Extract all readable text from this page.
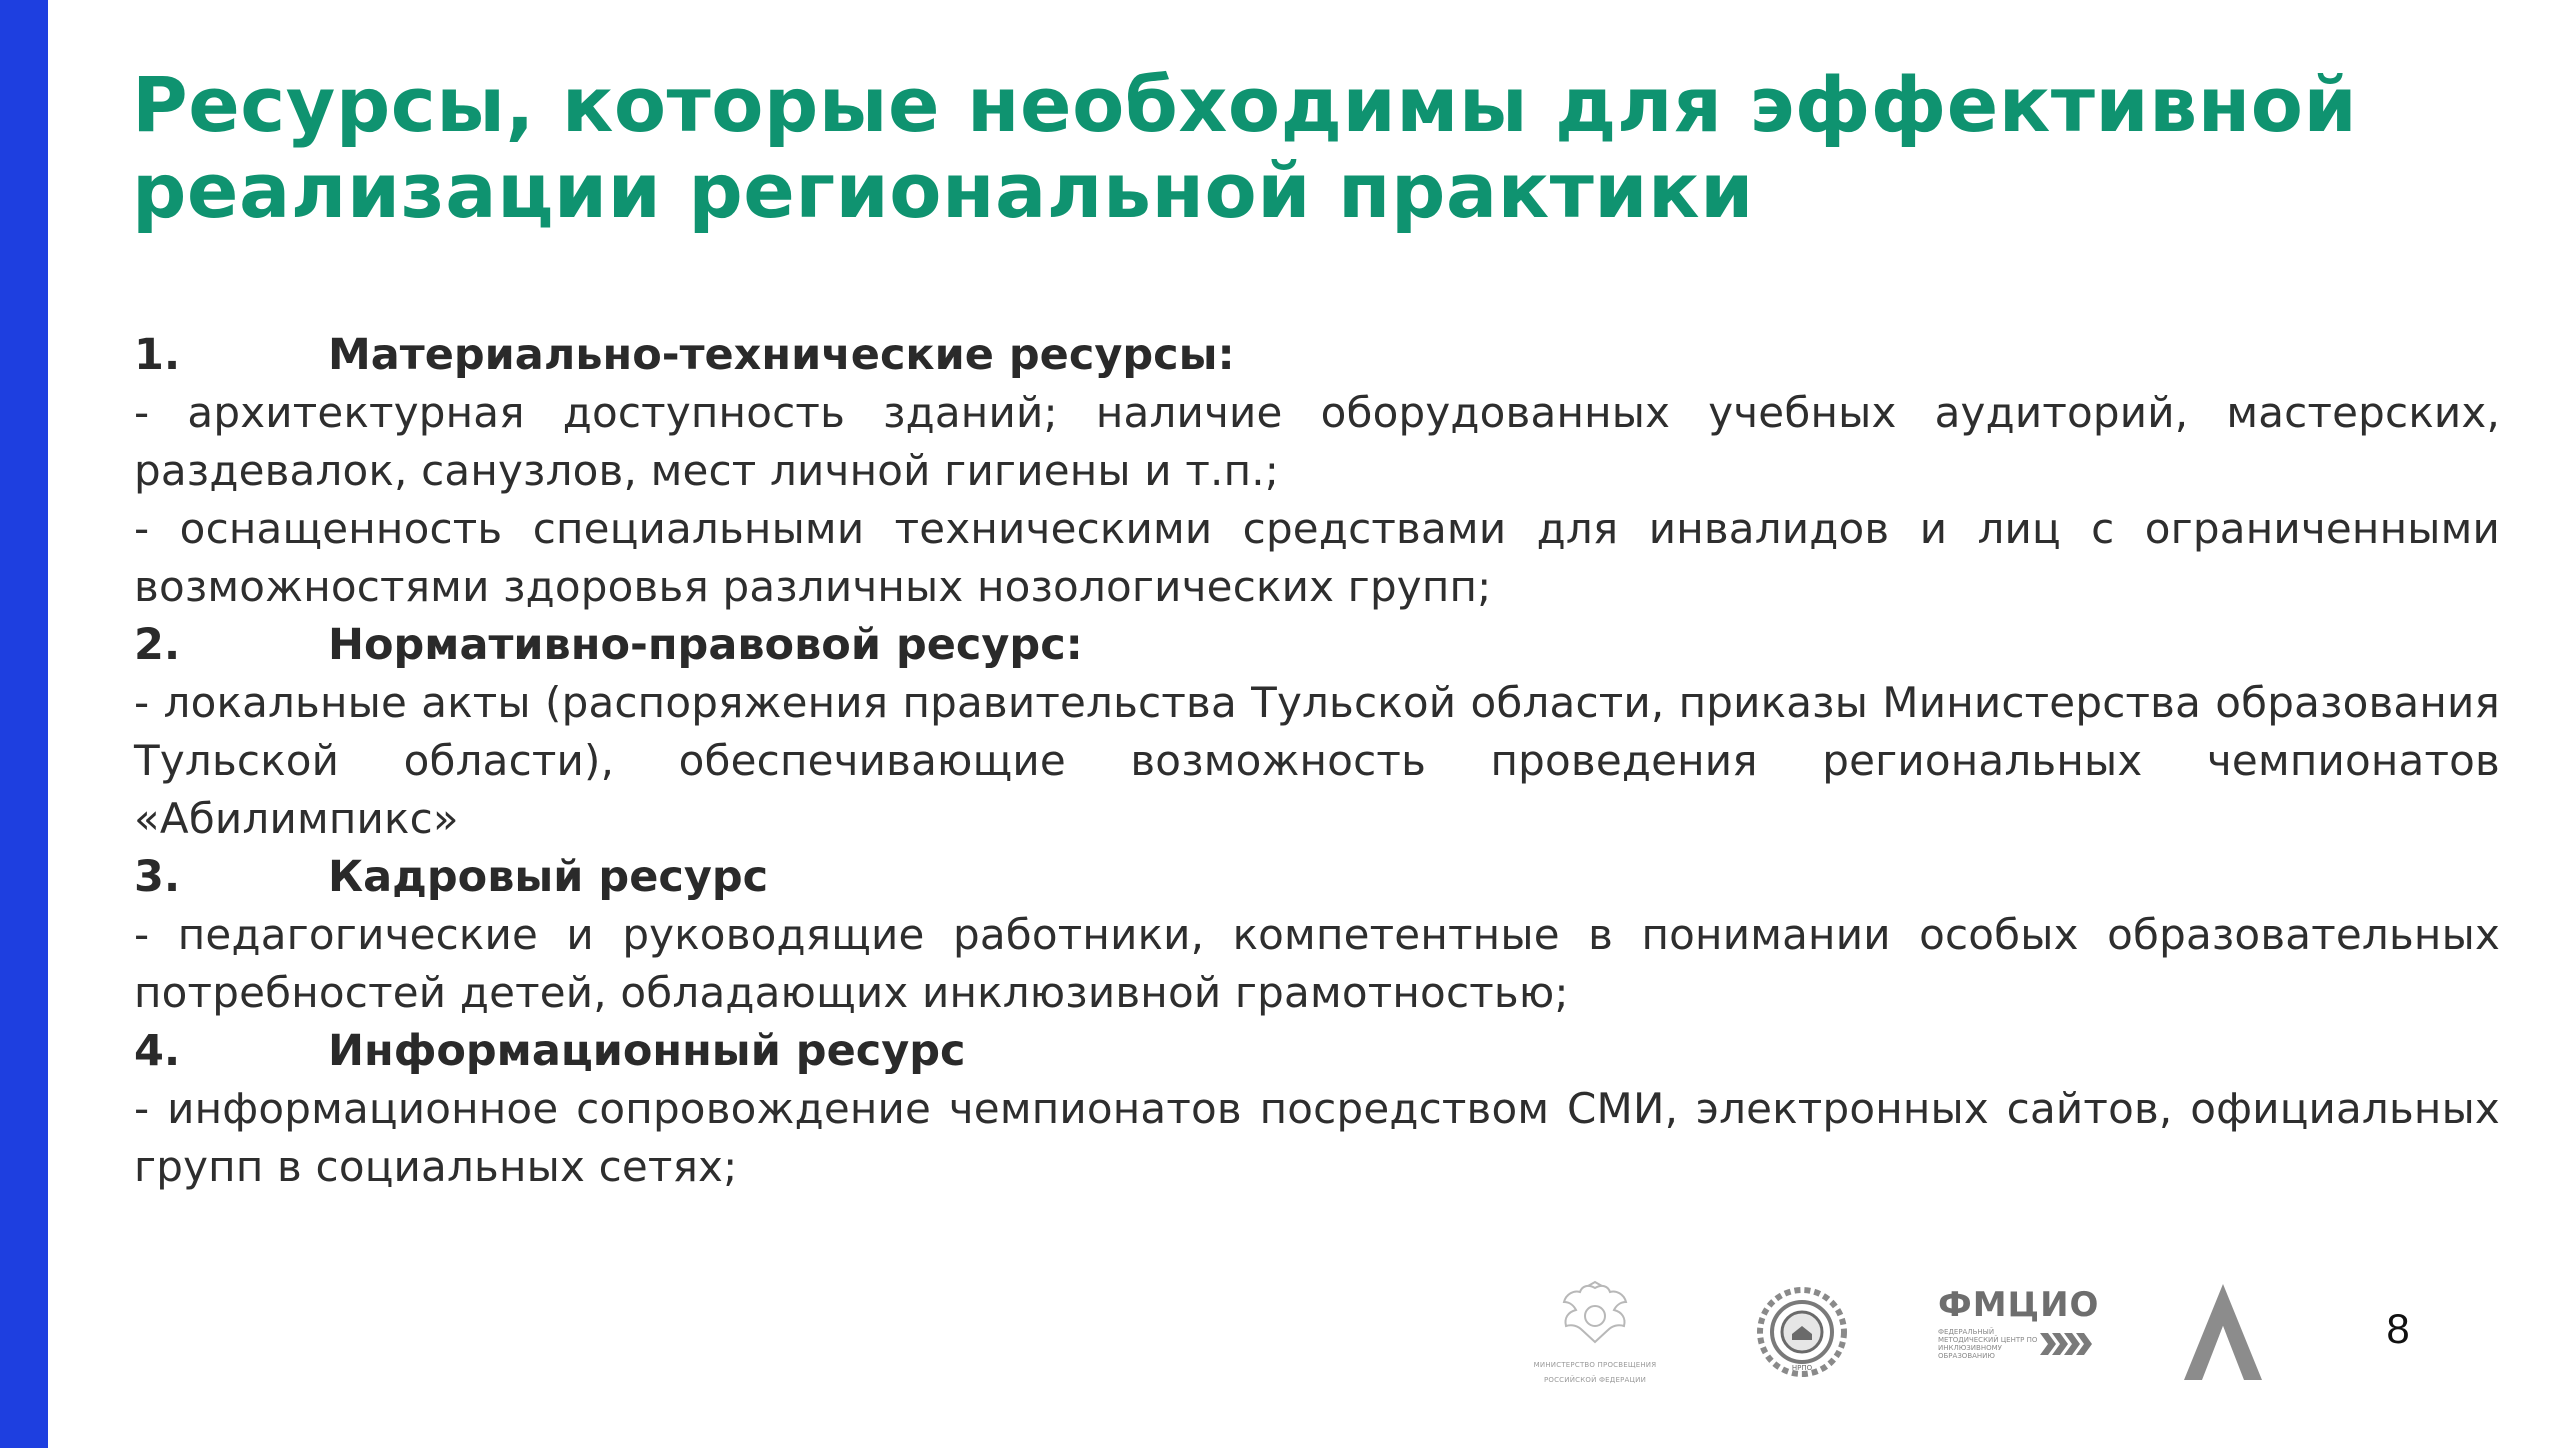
Ресурсы, которые необходимы для эффективной
реализации региональной практики
1.	Материально-технические ресурсы:

- архитектурная доступность зданий; наличие оборудованных учебных аудиторий, мастерских, раздевалок, санузлов, мест личной гигиены и т.п.;

- оснащенность специальными техническими средствами для инвалидов и лиц с ограниченными возможностями здоровья различных нозологических групп;

2.	Нормативно-правовой ресурс:

- локальные акты (распоряжения правительства Тульской области, приказы Министерства образования Тульской области), обеспечивающие возможность проведения региональных чемпионатов «Абилимпикс»

3.	Кадровый ресурс

- педагогические и руководящие работники, компетентные в понимании особых образовательных потребностей детей, обладающих инклюзивной грамотностью;

4.	Информационный ресурс

- информационное сопровождение чемпионатов посредством СМИ, электронных сайтов, официальных групп в социальных сетях;

МИНИСТЕРСТВО ПРОСВЕЩЕНИЯ
РОССИЙСКОЙ ФЕДЕРАЦИИ
НРПО
ФМЦИО
ФЕДЕРАЛЬНЫЙ МЕТОДИЧЕСКИЙ ЦЕНТР ПО ИНКЛЮЗИВНОМУ ОБРАЗОВАНИЮ
8
